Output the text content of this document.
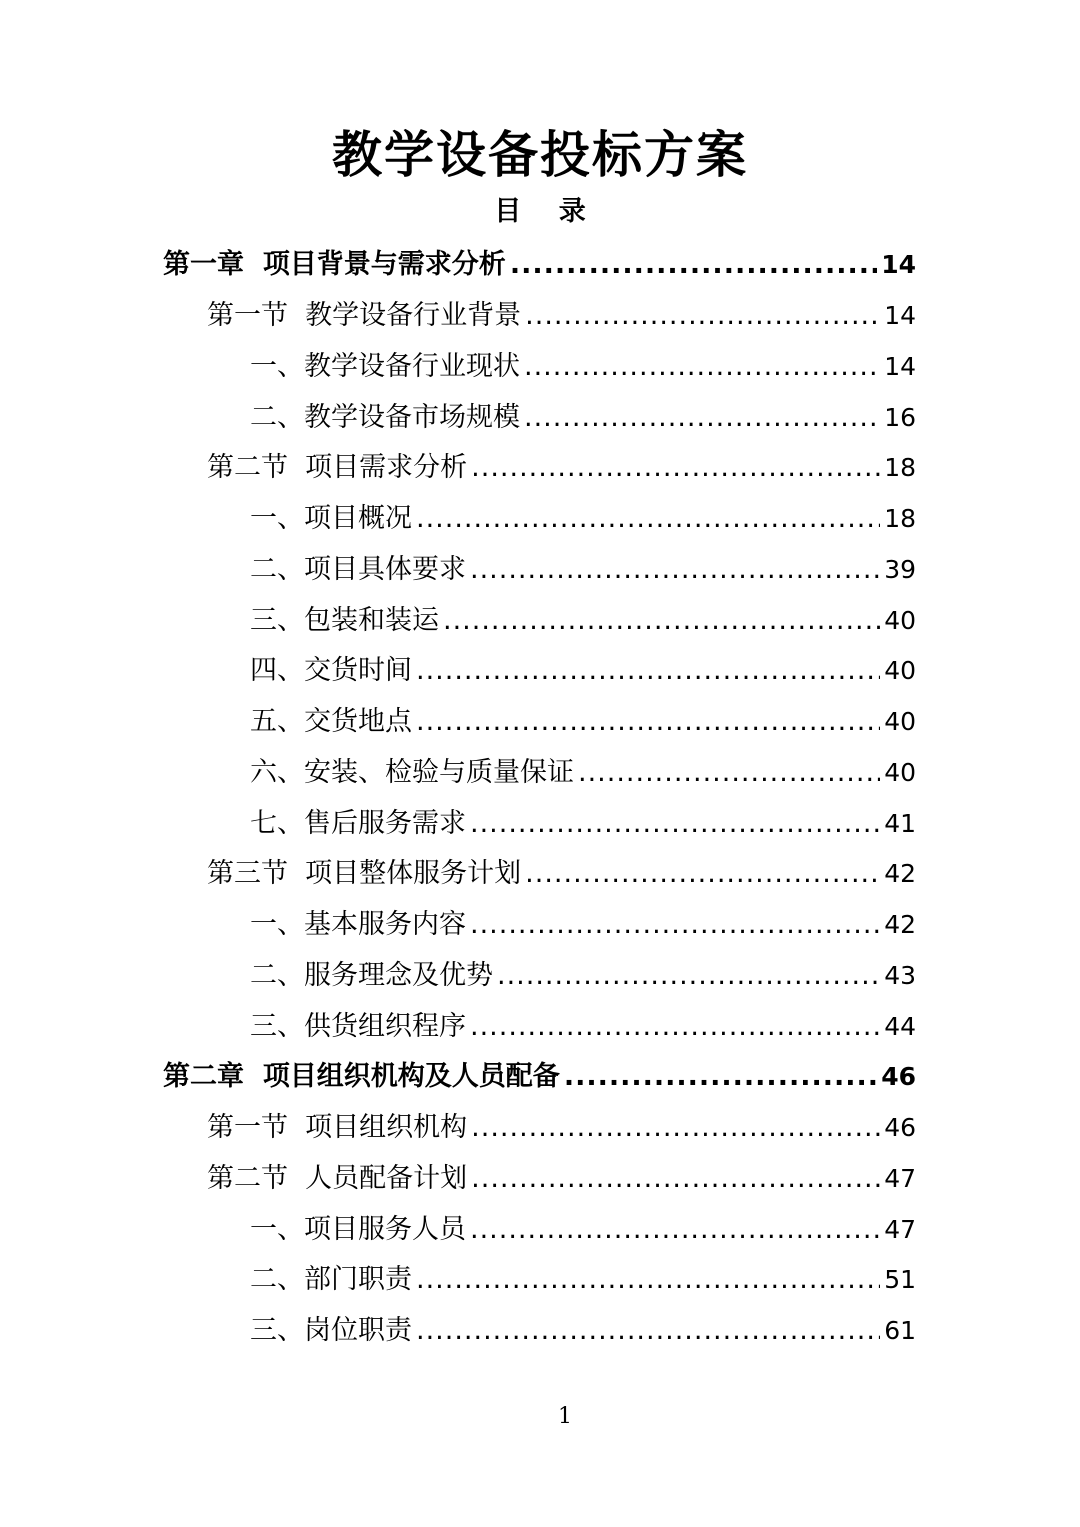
教学设备投标方案
目 录
第一章 项目背景与需求分析 .....	14
第一节 教学设备行业背景 .....	14
一、 教学设备行业现状 .....	14
二、 教学设备市场规模 .....	16
第二节 项目需求分析 .....	18
一、 项目概况 .....	18
二、 项目具体要求 .....	39
三、 包装和装运 .....	40
四、 交货时间 .....	40
五、 交货地点 .....	40
六、 安装、检验与质量保证 .....	40
七、 售后服务需求 .....	41
第三节 项目整体服务计划 .....	42
一、 基本服务内容 .....	42
二、 服务理念及优势 .....	43
三、 供货组织程序 .....	44
第二章 项目组织机构及人员配备 .....	46
第一节 项目组织机构 .....	46
第二节 人员配备计划 .....	47
一、 项目服务人员 .....	47
二、 部门职责 .....	51
三、 岗位职责 .....	61
1
